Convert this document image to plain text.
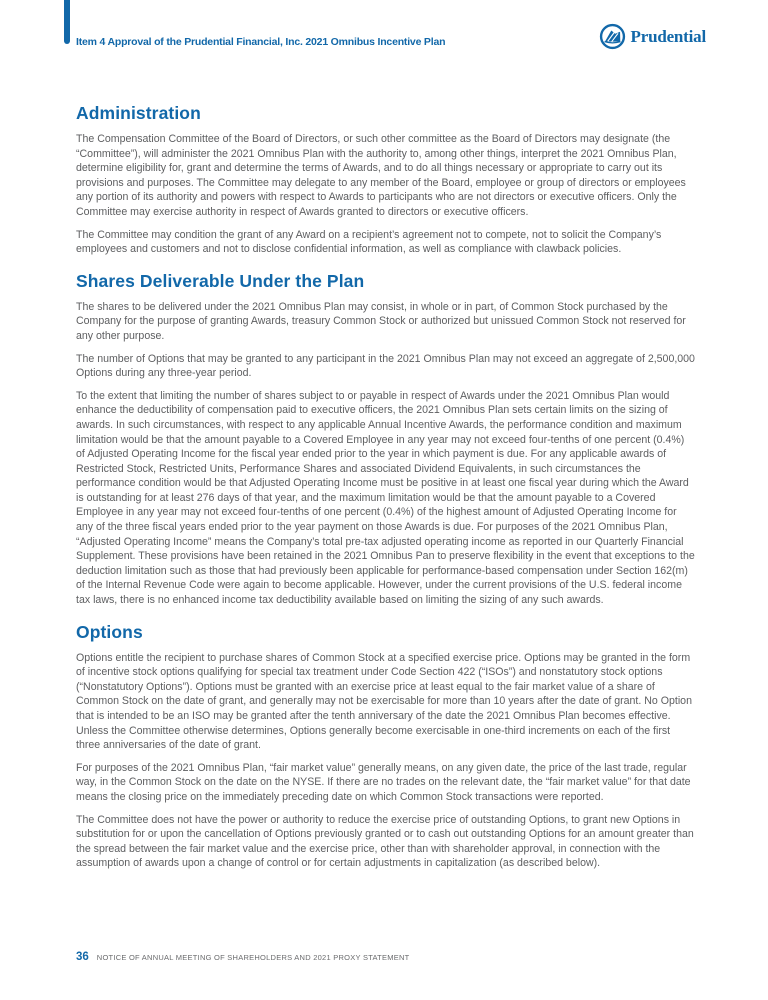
Item 4 Approval of the Prudential Financial, Inc. 2021 Omnibus Incentive Plan	Prudential
Administration

The Compensation Committee of the Board of Directors, or such other committee as the Board of Directors may designate (the “Committee”), will administer the 2021 Omnibus Plan with the authority to, among other things, interpret the 2021 Omnibus Plan, determine eligibility for, grant and determine the terms of Awards, and to do all things necessary or appropriate to carry out its provisions and purposes. The Committee may delegate to any member of the Board, employee or group of directors or employees any portion of its authority and powers with respect to Awards to participants who are not directors or executive officers. Only the Committee may exercise authority in respect of Awards granted to directors or executive officers.

The Committee may condition the grant of any Award on a recipient’s agreement not to compete, not to solicit the Company’s employees and customers and not to disclose confidential information, as well as compliance with clawback policies.

Shares Deliverable Under the Plan

The shares to be delivered under the 2021 Omnibus Plan may consist, in whole or in part, of Common Stock purchased by the Company for the purpose of granting Awards, treasury Common Stock or authorized but unissued Common Stock not reserved for any other purpose.

The number of Options that may be granted to any participant in the 2021 Omnibus Plan may not exceed an aggregate of 2,500,000 Options during any three-year period.

To the extent that limiting the number of shares subject to or payable in respect of Awards under the 2021 Omnibus Plan would enhance the deductibility of compensation paid to executive officers, the 2021 Omnibus Plan sets certain limits on the sizing of awards. In such circumstances, with respect to any applicable Annual Incentive Awards, the performance condition and maximum limitation would be that the amount payable to a Covered Employee in any year may not exceed four-tenths of one percent (0.4%) of Adjusted Operating Income for the fiscal year ended prior to the year in which payment is due. For any applicable awards of Restricted Stock, Restricted Units, Performance Shares and associated Dividend Equivalents, in such circumstances the performance condition would be that Adjusted Operating Income must be positive in at least one fiscal year during which the Award is outstanding for at least 276 days of that year, and the maximum limitation would be that the amount payable to a Covered Employee in any year may not exceed four-tenths of one percent (0.4%) of the highest amount of Adjusted Operating Income for any of the three fiscal years ended prior to the year payment on those Awards is due. For purposes of the 2021 Omnibus Plan, “Adjusted Operating Income” means the Company’s total pre-tax adjusted operating income as reported in our Quarterly Financial Supplement. These provisions have been retained in the 2021 Omnibus Pan to preserve flexibility in the event that exceptions to the deduction limitation such as those that had previously been applicable for performance-based compensation under Section 162(m) of the Internal Revenue Code were again to become applicable. However, under the current provisions of the U.S. federal income tax laws, there is no enhanced income tax deductibility available based on limiting the sizing of any such awards.

Options

Options entitle the recipient to purchase shares of Common Stock at a specified exercise price. Options may be granted in the form of incentive stock options qualifying for special tax treatment under Code Section 422 (“ISOs”) and nonstatutory stock options (“Nonstatutory Options”). Options must be granted with an exercise price at least equal to the fair market value of a share of Common Stock on the date of grant, and generally may not be exercisable for more than 10 years after the date of grant. No Option that is intended to be an ISO may be granted after the tenth anniversary of the date the 2021 Omnibus Plan becomes effective. Unless the Committee otherwise determines, Options generally become exercisable in one-third increments on each of the first three anniversaries of the date of grant.

For purposes of the 2021 Omnibus Plan, “fair market value” generally means, on any given date, the price of the last trade, regular way, in the Common Stock on the date on the NYSE. If there are no trades on the relevant date, the “fair market value” for that date means the closing price on the immediately preceding date on which Common Stock transactions were reported.

The Committee does not have the power or authority to reduce the exercise price of outstanding Options, to grant new Options in substitution for or upon the cancellation of Options previously granted or to cash out outstanding Options for an amount greater than the spread between the fair market value and the exercise price, other than with shareholder approval, in connection with the assumption of awards upon a change of control or for certain adjustments in capitalization (as described below).

36 NOTICE OF ANNUAL MEETING OF SHAREHOLDERS AND 2021 PROXY STATEMENT
